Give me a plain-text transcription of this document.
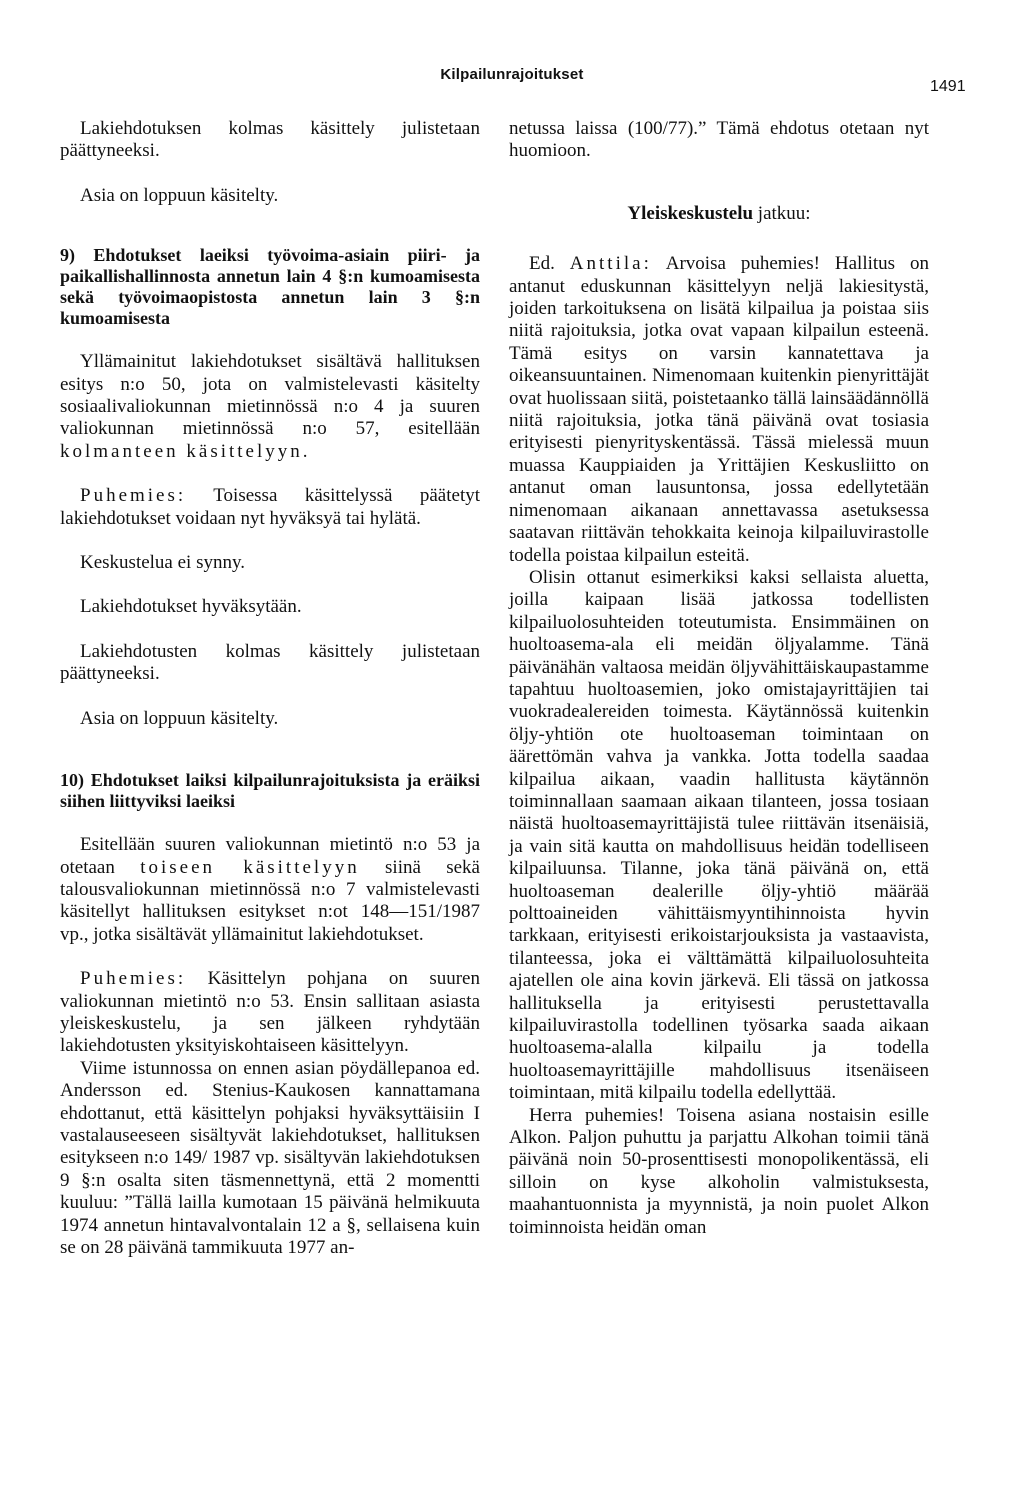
Kilpailunrajoitukset
1491

Lakiehdotuksen kolmas käsittely julistetaan päättyneeksi.

Asia on loppuun käsitelty.

9) Ehdotukset laeiksi työvoima-asiain piiri- ja paikallishallinnosta annetun lain 4 §:n kumoamisesta sekä työvoimaopistosta annetun lain 3 §:n kumoamisesta

Yllämainitut lakiehdotukset sisältävä hallituksen esitys n:o 50, jota on valmistelevasti käsitelty sosiaalivaliokunnan mietinnössä n:o 4 ja suuren valiokunnan mietinnössä n:o 57, esitellään kolmanteen käsittelyyn.

Puhemies: Toisessa käsittelyssä päätetyt lakiehdotukset voidaan nyt hyväksyä tai hylätä.

Keskustelua ei synny.

Lakiehdotukset hyväksytään.

Lakiehdotusten kolmas käsittely julistetaan päättyneeksi.

Asia on loppuun käsitelty.

10) Ehdotukset laiksi kilpailunrajoituksista ja eräiksi siihen liittyviksi laeiksi

Esitellään suuren valiokunnan mietintö n:o 53 ja otetaan toiseen käsittelyyn siinä sekä talousvaliokunnan mietinnössä n:o 7 valmistelevasti käsitellyt hallituksen esitykset n:ot 148—151/1987 vp., jotka sisältävät yllämainitut lakiehdotukset.

Puhemies: Käsittelyn pohjana on suuren valiokunnan mietintö n:o 53. Ensin sallitaan asiasta yleiskeskustelu, ja sen jälkeen ryhdytään lakiehdotusten yksityiskohtaiseen käsittelyyn.

Viime istunnossa on ennen asian pöydällepanoa ed. Andersson ed. Stenius-Kaukosen kannattamana ehdottanut, että käsittelyn pohjaksi hyväksyttäisiin I vastalauseeseen sisältyvät lakiehdotukset, hallituksen esitykseen n:o 149/ 1987 vp. sisältyvän lakiehdotuksen 9 §:n osalta siten täsmennettynä, että 2 momentti kuuluu: ”Tällä lailla kumotaan 15 päivänä helmikuuta 1974 annetun hintavalvontalain 12 a §, sellaisena kuin se on 28 päivänä tammikuuta 1977 an-

netussa laissa (100/77).” Tämä ehdotus otetaan nyt huomioon.

Yleiskeskustelu jatkuu:

Ed. Anttila: Arvoisa puhemies! Hallitus on antanut eduskunnan käsittelyyn neljä lakiesitystä, joiden tarkoituksena on lisätä kilpailua ja poistaa siis niitä rajoituksia, jotka ovat vapaan kilpailun esteenä. Tämä esitys on varsin kannatettava ja oikeansuuntainen. Nimenomaan kuitenkin pienyrittäjät ovat huolissaan siitä, poistetaanko tällä lainsäädännöllä niitä rajoituksia, jotka tänä päivänä ovat tosiasia erityisesti pienyrityskentässä. Tässä mielessä muun muassa Kauppiaiden ja Yrittäjien Keskusliitto on antanut oman lausuntonsa, jossa edellytetään nimenomaan aikanaan annettavassa asetuksessa saatavan riittävän tehokkaita keinoja kilpailuvirastolle todella poistaa kilpailun esteitä.

Olisin ottanut esimerkiksi kaksi sellaista aluetta, joilla kaipaan lisää jatkossa todellisten kilpailuolosuhteiden toteutumista. Ensimmäinen on huoltoasema-ala eli meidän öljyalamme. Tänä päivänähän valtaosa meidän öljyvähittäiskaupastamme tapahtuu huoltoasemien, joko omistajayrittäjien tai vuokradealereiden toimesta. Käytännössä kuitenkin öljy-yhtiön ote huoltoaseman toimintaan on äärettömän vahva ja vankka. Jotta todella saadaa kilpailua aikaan, vaadin hallitusta käytännön toiminnallaan saamaan aikaan tilanteen, jossa tosiaan näistä huoltoasemayrittäjistä tulee riittävän itsenäisiä, ja vain sitä kautta on mahdollisuus heidän todelliseen kilpailuunsa. Tilanne, joka tänä päivänä on, että huoltoaseman dealerille öljy-yhtiö määrää polttoaineiden vähittäismyyntihinnoista hyvin tarkkaan, erityisesti erikoistarjouksista ja vastaavista, tilanteessa, joka ei välttämättä kilpailuolosuhteita ajatellen ole aina kovin järkevä. Eli tässä on jatkossa hallituksella ja erityisesti perustettavalla kilpailuvirastolla todellinen työsarka saada aikaan huoltoasema-alalla kilpailu ja todella huoltoasemayrittäjille mahdollisuus itsenäiseen toimintaan, mitä kilpailu todella edellyttää.

Herra puhemies! Toisena asiana nostaisin esille Alkon. Paljon puhuttu ja parjattu Alkohan toimii tänä päivänä noin 50-prosenttisesti monopolikentässä, eli silloin on kyse alkoholin valmistuksesta, maahantuonnista ja myynnistä, ja noin puolet Alkon toiminnoista heidän oman
